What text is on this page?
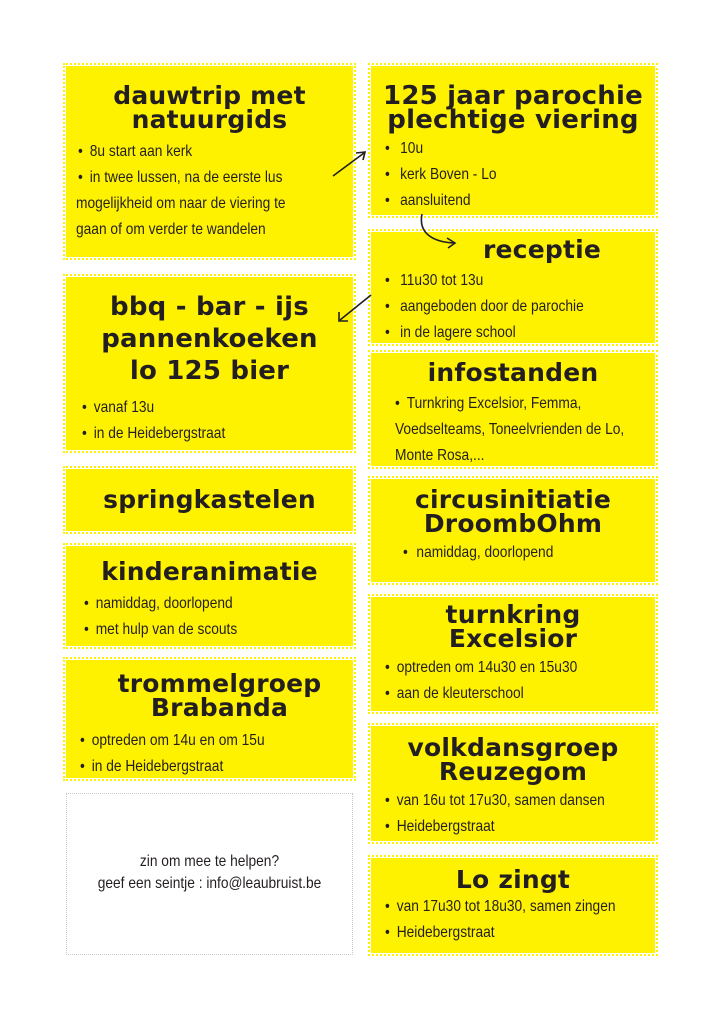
dauwtrip met
natuurgids
• 8u start aan kerk
• in twee lussen, na de eerste lus
mogelijkheid om naar de viering te
gaan of om verder te wandelen
bbq - bar - ijs
pannenkoeken
lo 125 bier
• vanaf 13u
• in de Heidebergstraat
springkastelen
kinderanimatie
• namiddag, doorlopend
• met hulp van de scouts
trommelgroep
Brabanda
• optreden om 14u en om 15u
• in de Heidebergstraat
zin om mee te helpen?
geef een seintje : info@leaubruist.be
125 jaar parochie
plechtige viering
• 10u
• kerk Boven - Lo
• aansluitend
receptie
• 11u30 tot 13u
• aangeboden door de parochie
• in de lagere school
infostanden
• Turnkring Excelsior, Femma,
Voedselteams, Toneelvrienden de Lo,
Monte Rosa,...
circusinitiatie
DroombOhm
• namiddag, doorlopend
turnkring
Excelsior
• optreden om 14u30 en 15u30
• aan de kleuterschool
volkdansgroep
Reuzegom
• van 16u tot 17u30, samen dansen
• Heidebergstraat
Lo zingt
• van 17u30 tot 18u30, samen zingen
• Heidebergstraat
